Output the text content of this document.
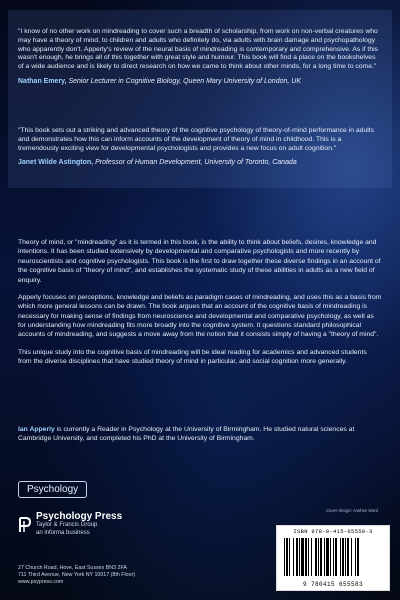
"I know of no other work on mindreading to cover such a breadth of scholarship, from work on non-verbal creatures who may have a theory of mind, to children and adults who definitely do, via adults with brain damage and psychopathology who apparently don't. Apperly's review of the neural basis of mindreading is contemporary and comprehensive. As if this wasn't enough, he brings all of this together with great style and humour. This book will find a place on the bookshelves of a wide audience and is likely to direct research on how we came to think about other minds, for a long time to come."

Nathan Emery, Senior Lecturer in Cognitive Biology, Queen Mary University of London, UK

"This book sets out a striking and advanced theory of the cognitive psychology of theory-of-mind performance in adults and demonstrates how this can inform accounts of the development of theory of mind in childhood. This is a tremendously exciting view for developmental psychologists and provides a new focus on adult cognition."

Janet Wilde Astington, Professor of Human Development, University of Toronto, Canada

Theory of mind, or "mindreading" as it is termed in this book, is the ability to think about beliefs, desires, knowledge and intentions. It has been studied extensively by developmental and comparative psychologists and more recently by neuroscientists and cognitive psychologists. This book is the first to draw together these diverse findings in an account of the cognitive basis of "theory of mind", and establishes the systematic study of these abilities in adults as a new field of enquiry.

Apperly focuses on perceptions, knowledge and beliefs as paradigm cases of mindreading, and uses this as a basis from which more general lessons can be drawn. The book argues that an account of the cognitive basis of mindreading is necessary for making sense of findings from neuroscience and developmental and comparative psychology, as well as for understanding how mindreading fits more broadly into the cognitive system. It questions standard philosophical accounts of mindreading, and suggests a move away from the notion that it consists simply of having a "theory of mind".

This unique study into the cognitive basis of mindreading will be ideal reading for academics and advanced students from the diverse disciplines that have studied theory of mind in particular, and social cognition more generally.

Ian Apperly is currently a Reader in Psychology at the University of Birmingham. He studied natural sciences at Cambridge University, and completed his PhD at the University of Birmingham.
Psychology
Psychology Press
Taylor & Francis Group
an informa business
27 Church Road, Hove, East Sussex BN3 2FA
711 Third Avenue, New York NY 10017 (8th Floor)
www.psypress.com
Cover design: Andrew Ward
ISBN 978-0-415-65558-3
9 780415 655583
